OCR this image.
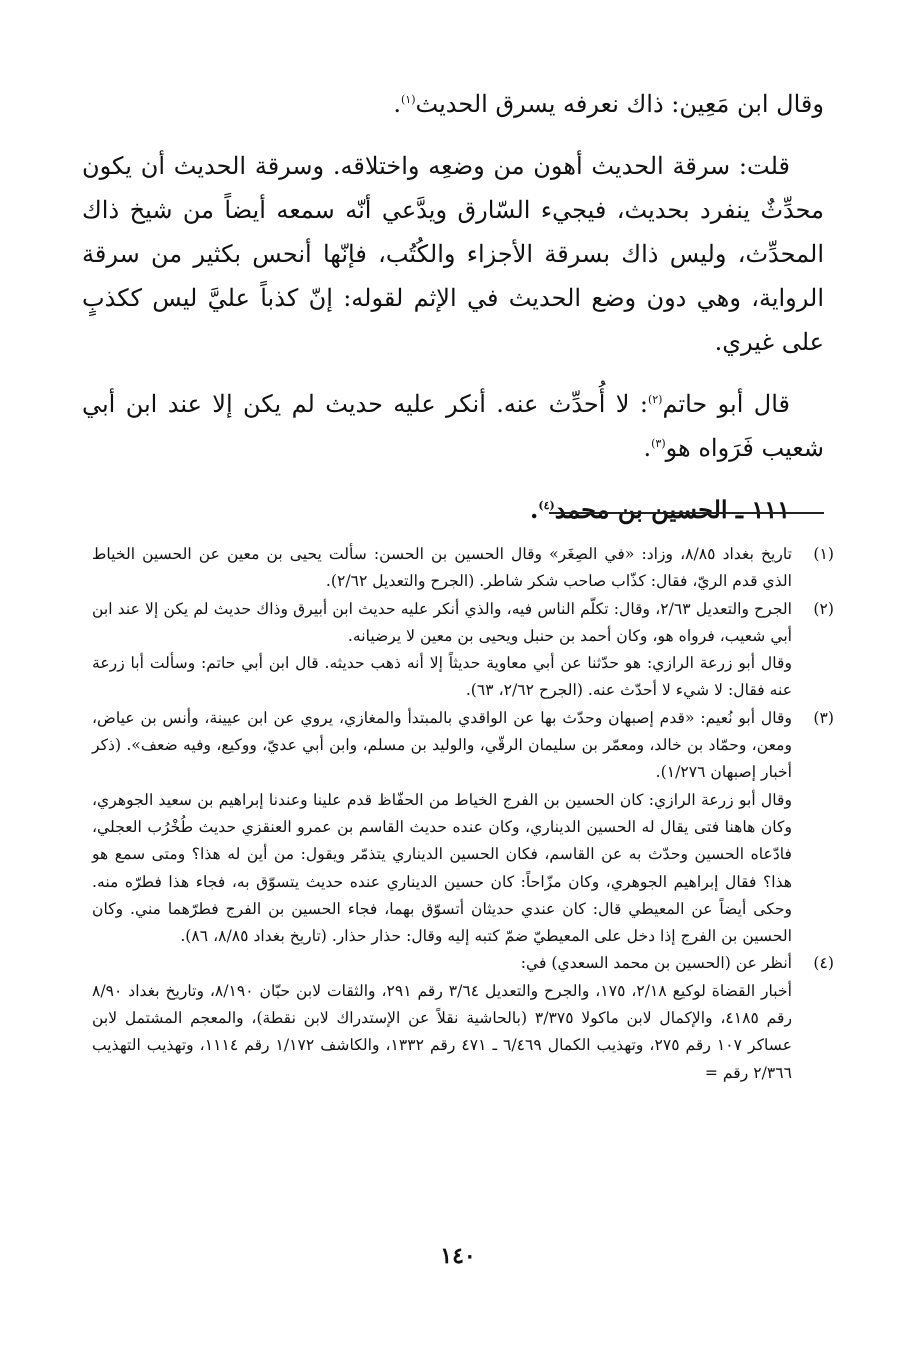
وقال ابن مَعِين: ذاك نعرفه يسرق الحديث$^{(١)}$.

قلت: سرقة الحديث أهون من وضعِه واختلاقه. وسرقة الحديث أن يكون محدِّثٌ ينفرد بحديث، فيجيء السّارق ويدَّعي أنّه سمعه أيضاً من شيخ ذاك المحدِّث، وليس ذاك بسرقة الأجزاء والكُتُب، فإنّها أنحس بكثير من سرقة الرواية، وهي دون وضع الحديث في الإثم لقوله: إنّ كذباً عليَّ ليس ككذبٍ على غيري.

قال أبو حاتم$^{(٢)}$: لا أُحدِّث عنه. أنكر عليه حديث لم يكن إلا عند ابن أبي شعيب فَرَواه هو$^{(٣)}$.

١١١ ـ الحسين بن محمد$^{(٤)}$.

(١)

تاريخ بغداد ٨/٨٥، وزاد: «في الصِغَر» وقال الحسين بن الحسن: سألت يحيى بن معين عن الحسين الخياط الذي قدم الريّ، فقال: كذّاب صاحب شكر شاطر. (الجرح والتعديل ٢/٦٢).

(٢)

الجرح والتعديل ٢/٦٣، وقال: تكلّم الناس فيه، والذي أنكر عليه حديث ابن أبيرق وذاك حديث لم يكن إلا عند ابن أبي شعيب، فرواه هو، وكان أحمد بن حنبل ويحيى بن معين لا يرضيانه.

وقال أبو زرعة الرازي: هو حدّثنا عن أبي معاوية حديثاً إلا أنه ذهب حديثه. قال ابن أبي حاتم: وسألت أبا زرعة عنه فقال: لا شيء لا أحدّث عنه. (الجرح ٢/٦٢، ٦٣).

(٣)

وقال أبو نُعيم: «قدم إصبهان وحدّث بها عن الواقدي بالمبتدأ والمغازي، يروي عن ابن عيينة، وأنس بن عياض، ومعن، وحمّاد بن خالد، ومعمّر بن سليمان الرقّي، والوليد بن مسلم، وابن أبي عديّ، ووكيع، وفيه ضعف». (ذكر أخبار إصبهان ١/٢٧٦).

وقال أبو زرعة الرازي: كان الحسين بن الفرج الخياط من الحفّاظ قدم علينا وعندنا إبراهيم بن سعيد الجوهري، وكان هاهنا فتى يقال له الحسين الديناري، وكان عنده حديث القاسم بن عمرو العنقزي حديث طُخْرُب العجلي، فادّعاه الحسين وحدّث به عن القاسم، فكان الحسين الديناري يتذمّر ويقول: من أين له هذا؟ ومتى سمع هو هذا؟ فقال إبراهيم الجوهري، وكان مزّاحاً: كان حسين الديناري عنده حديث يتسوّق به، فجاء هذا فطرّه منه. وحكى أيضاً عن المعيطي قال: كان عندي حديثان أتسوّق بهما، فجاء الحسين بن الفرج فطرّهما مني. وكان الحسين بن الفرج إذا دخل على المعيطيّ ضمّ كتبه إليه وقال: حذار حذار. (تاريخ بغداد ٨/٨٥، ٨٦).

(٤)

أنظر عن (الحسين بن محمد السعدي) في:

أخبار القضاة لوكيع ٢/١٨، ١٧٥، والجرح والتعديل ٣/٦٤ رقم ٢٩١، والثقات لابن حبّان ٨/١٩٠، وتاريخ بغداد ٨/٩٠ رقم ٤١٨٥، والإكمال لابن ماكولا ٣/٣٧٥ (بالحاشية نقلاً عن الإستدراك لابن نقطة)، والمعجم المشتمل لابن عساكر ١٠٧ رقم ٢٧٥، وتهذيب الكمال ٦/٤٦٩ ـ ٤٧١ رقم ١٣٣٢، والكاشف ١/١٧٢ رقم ١١١٤، وتهذيب التهذيب ٢/٣٦٦ رقم =

١٤٠
